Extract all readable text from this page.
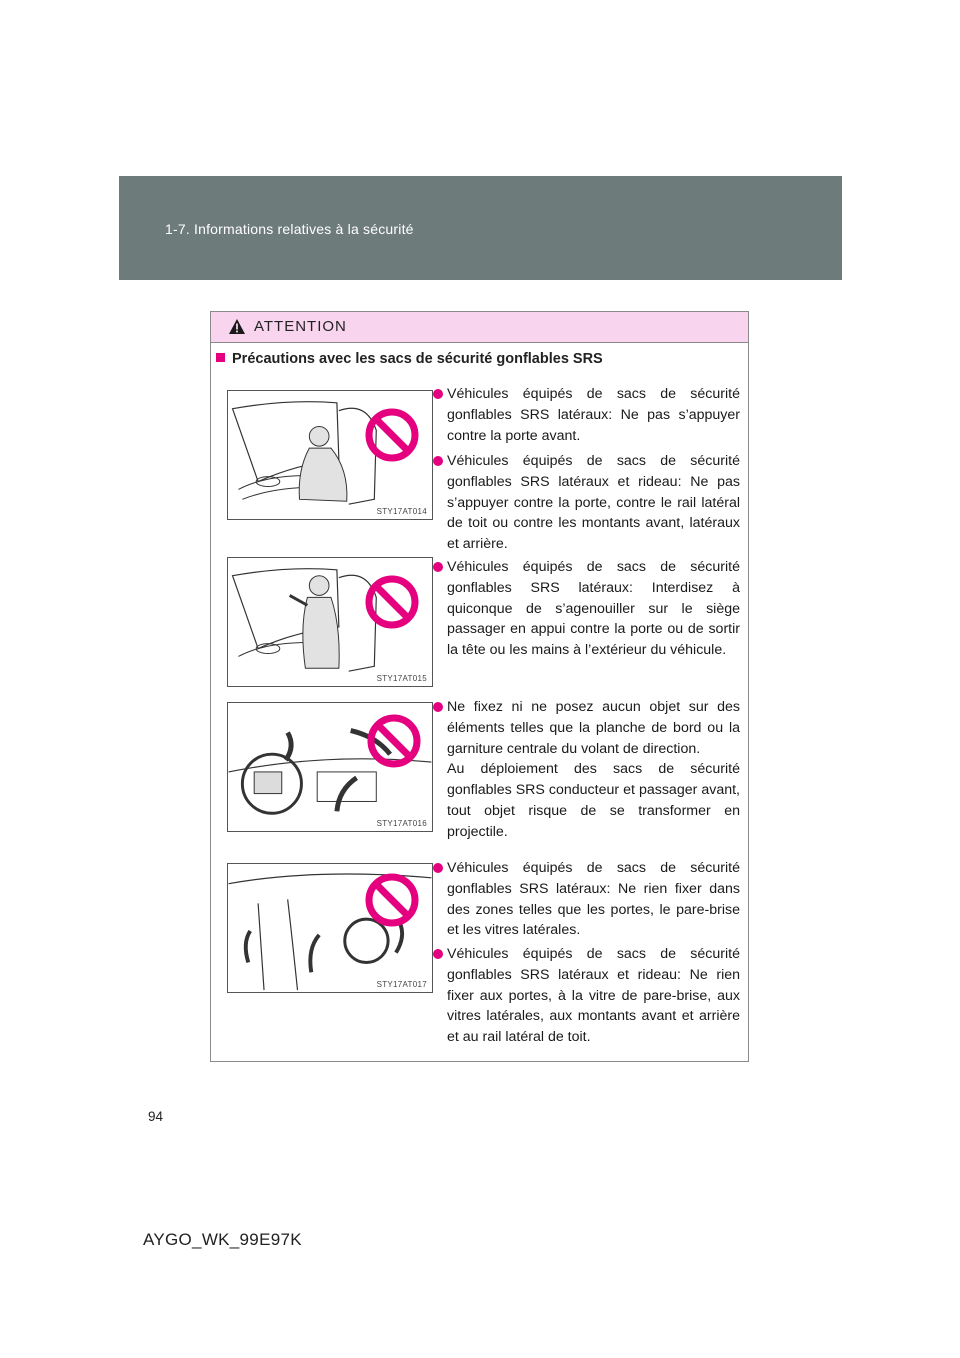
1-7. Informations relatives à la sécurité
ATTENTION
Précautions avec les sacs de sécurité gonflables SRS
STY17AT014
STY17AT015
STY17AT016
STY17AT017

Véhicules équipés de sacs de sécurité gonflables SRS latéraux: Ne pas s’appuyer contre la porte avant.

Véhicules équipés de sacs de sécurité gonflables SRS latéraux et rideau: Ne pas s’appuyer contre la porte, contre le rail latéral de toit ou contre les montants avant, latéraux et arrière.

Véhicules équipés de sacs de sécurité gonflables SRS latéraux: Interdisez à quiconque de s’agenouiller sur le siège passager en appui contre la porte ou de sortir la tête ou les mains à l’extérieur du véhicule.

Ne fixez ni ne posez aucun objet sur des éléments telles que la planche de bord ou la garniture centrale du volant de direction.

Au déploiement des sacs de sécurité gonflables SRS conducteur et passager avant, tout objet risque de se transformer en projectile.

Véhicules équipés de sacs de sécurité gonflables SRS latéraux: Ne rien fixer dans des zones telles que les portes, le pare-brise et les vitres latérales.

Véhicules équipés de sacs de sécurité gonflables SRS latéraux et rideau: Ne rien fixer aux portes, à la vitre de pare-brise, aux vitres latérales, aux montants avant et arrière et au rail latéral de toit.

94
AYGO_WK_99E97K
